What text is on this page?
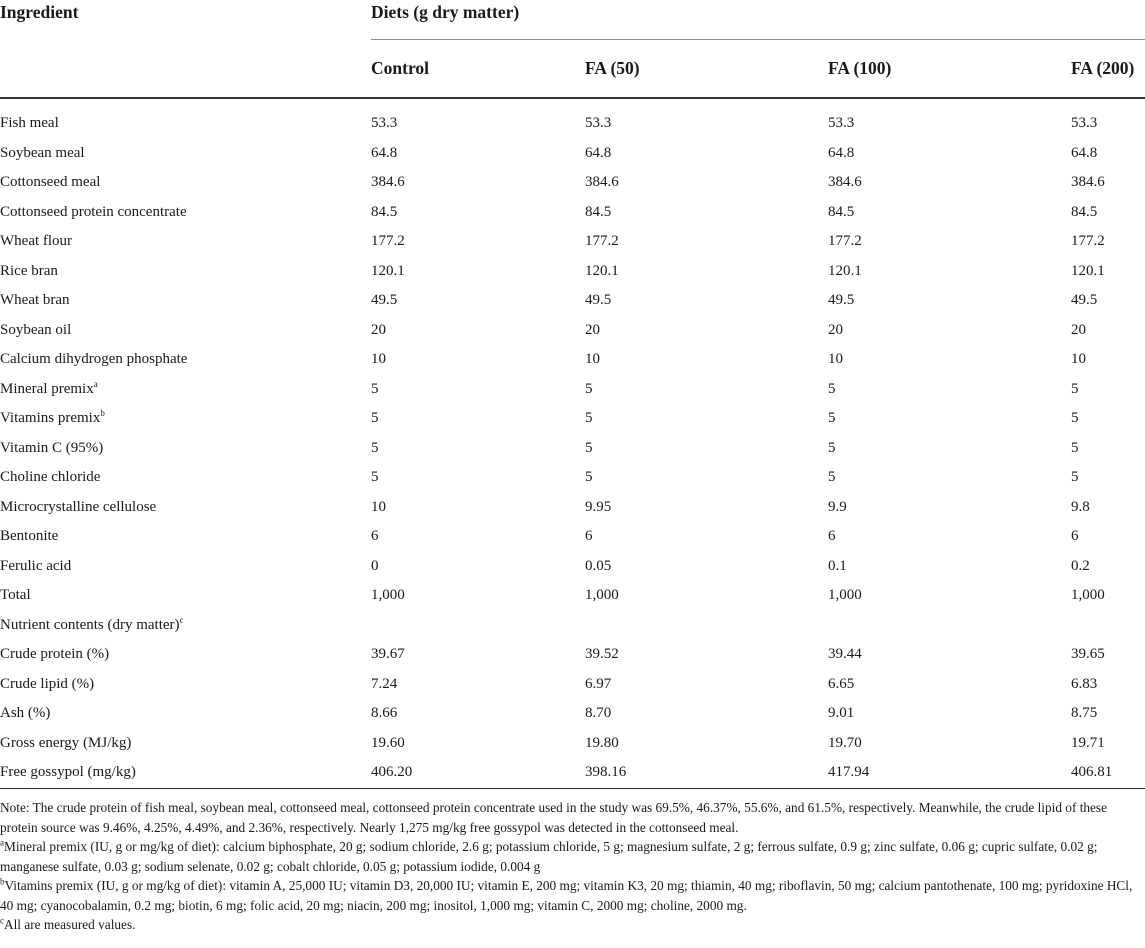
Ingredient	Diets (g dry matter)			
	Control	FA (50)	FA (100)	FA (200)

Fish meal	53.3	53.3	53.3	53.3
Soybean meal	64.8	64.8	64.8	64.8
Cottonseed meal	384.6	384.6	384.6	384.6
Cottonseed protein concentrate	84.5	84.5	84.5	84.5
Wheat flour	177.2	177.2	177.2	177.2
Rice bran	120.1	120.1	120.1	120.1
Wheat bran	49.5	49.5	49.5	49.5
Soybean oil	20	20	20	20
Calcium dihydrogen phosphate	10	10	10	10
Mineral premix$^a$	5	5	5	5
Vitamins premix$^b$	5	5	5	5
Vitamin C (95%)	5	5	5	5
Choline chloride	5	5	5	5
Microcrystalline cellulose	10	9.95	9.9	9.8
Bentonite	6	6	6	6
Ferulic acid	0	0.05	0.1	0.2
Total	1,000	1,000	1,000	1,000
Nutrient contents (dry matter)$^c$				
Crude protein (%)	39.67	39.52	39.44	39.65
Crude lipid (%)	7.24	6.97	6.65	6.83
Ash (%)	8.66	8.70	9.01	8.75
Gross energy (MJ/kg)	19.60	19.80	19.70	19.71
Free gossypol (mg/kg)	406.20	398.16	417.94	406.81

Note: The crude protein of fish meal, soybean meal, cottonseed meal, cottonseed protein concentrate used in the study was 69.5%, 46.37%, 55.6%, and 61.5%, respectively. Meanwhile, the crude lipid of these protein source was 9.46%, 4.25%, 4.49%, and 2.36%, respectively. Nearly 1,275 mg/kg free gossypol was detected in the cottonseed meal.

$^a$Mineral premix (IU, g or mg/kg of diet): calcium biphosphate, 20 g; sodium chloride, 2.6 g; potassium chloride, 5 g; magnesium sulfate, 2 g; ferrous sulfate, 0.9 g; zinc sulfate, 0.06 g; cupric sulfate, 0.02 g; manganese sulfate, 0.03 g; sodium selenate, 0.02 g; cobalt chloride, 0.05 g; potassium iodide, 0.004 g

$^b$Vitamins premix (IU, g or mg/kg of diet): vitamin A, 25,000 IU; vitamin D3, 20,000 IU; vitamin E, 200 mg; vitamin K3, 20 mg; thiamin, 40 mg; riboflavin, 50 mg; calcium pantothenate, 100 mg; pyridoxine HCl, 40 mg; cyanocobalamin, 0.2 mg; biotin, 6 mg; folic acid, 20 mg; niacin, 200 mg; inositol, 1,000 mg; vitamin C, 2000 mg; choline, 2000 mg.

$^c$All are measured values.
